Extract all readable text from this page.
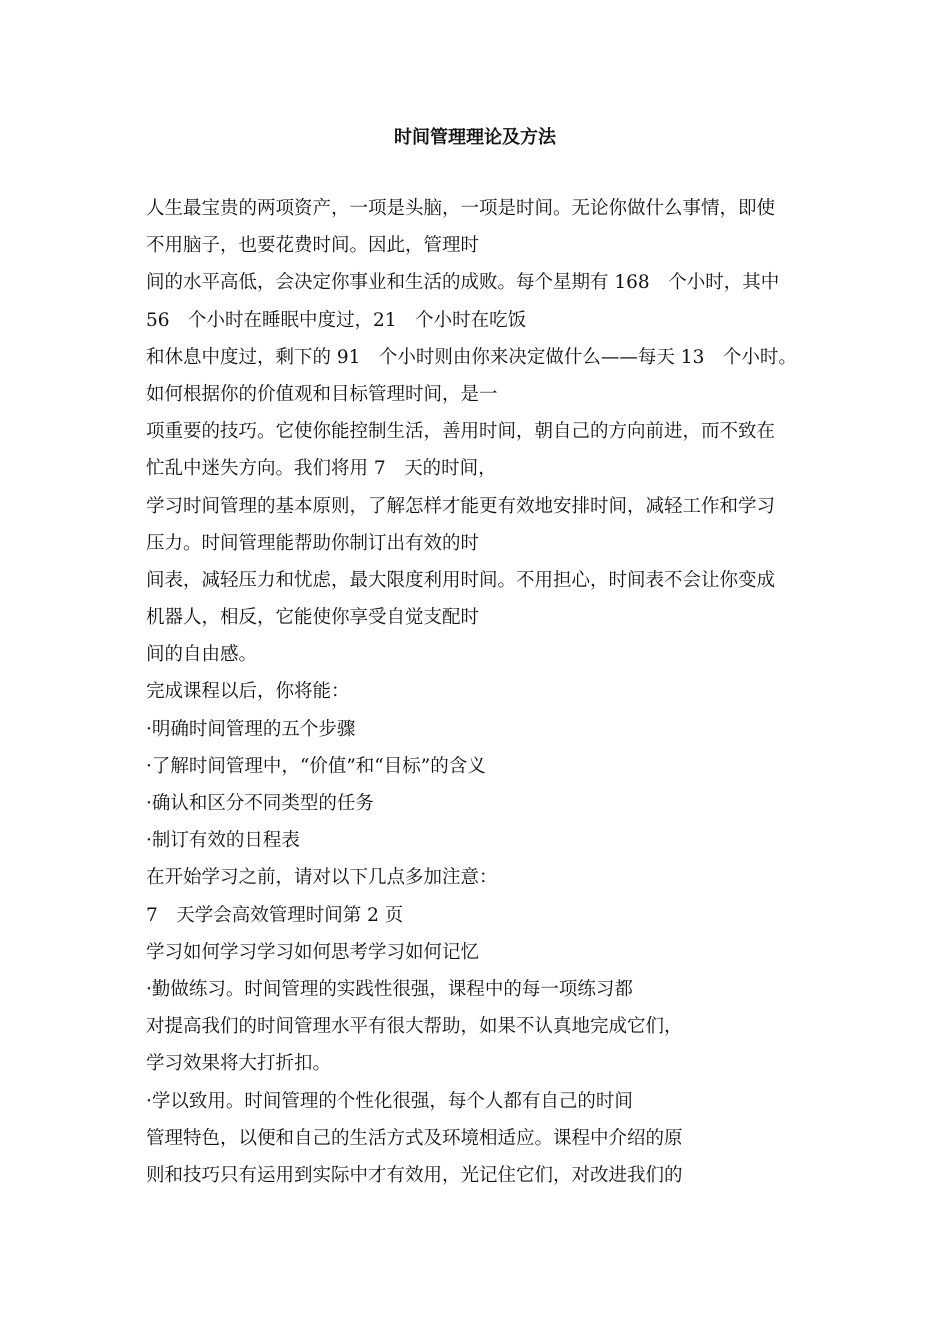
时间管理理论及方法
人生最宝贵的两项资产，一项是头脑，一项是时间。无论你做什么事情，即使
不用脑子，也要花费时间。因此，管理时
间的水平高低，会决定你事业和生活的成败。每个星期有 168　个小时，其中
56　个小时在睡眠中度过，21　个小时在吃饭
和休息中度过，剩下的 91　个小时则由你来决定做什么——每天 13　个小时。
如何根据你的价值观和目标管理时间，是一
项重要的技巧。它使你能控制生活，善用时间，朝自己的方向前进，而不致在
忙乱中迷失方向。我们将用 7　天的时间，
学习时间管理的基本原则，了解怎样才能更有效地安排时间，减轻工作和学习
压力。时间管理能帮助你制订出有效的时
间表，减轻压力和忧虑，最大限度利用时间。不用担心，时间表不会让你变成
机器人，相反，它能使你享受自觉支配时
间的自由感。
完成课程以后，你将能：
·明确时间管理的五个步骤
·了解时间管理中，“价值”和“目标”的含义
·确认和区分不同类型的任务
·制订有效的日程表
在开始学习之前，请对以下几点多加注意：
7　天学会高效管理时间第 2 页
学习如何学习学习如何思考学习如何记忆
·勤做练习。时间管理的实践性很强，课程中的每一项练习都
对提高我们的时间管理水平有很大帮助，如果不认真地完成它们，
学习效果将大打折扣。
·学以致用。时间管理的个性化很强，每个人都有自己的时间
管理特色，以便和自己的生活方式及环境相适应。课程中介绍的原
则和技巧只有运用到实际中才有效用，光记住它们，对改进我们的
